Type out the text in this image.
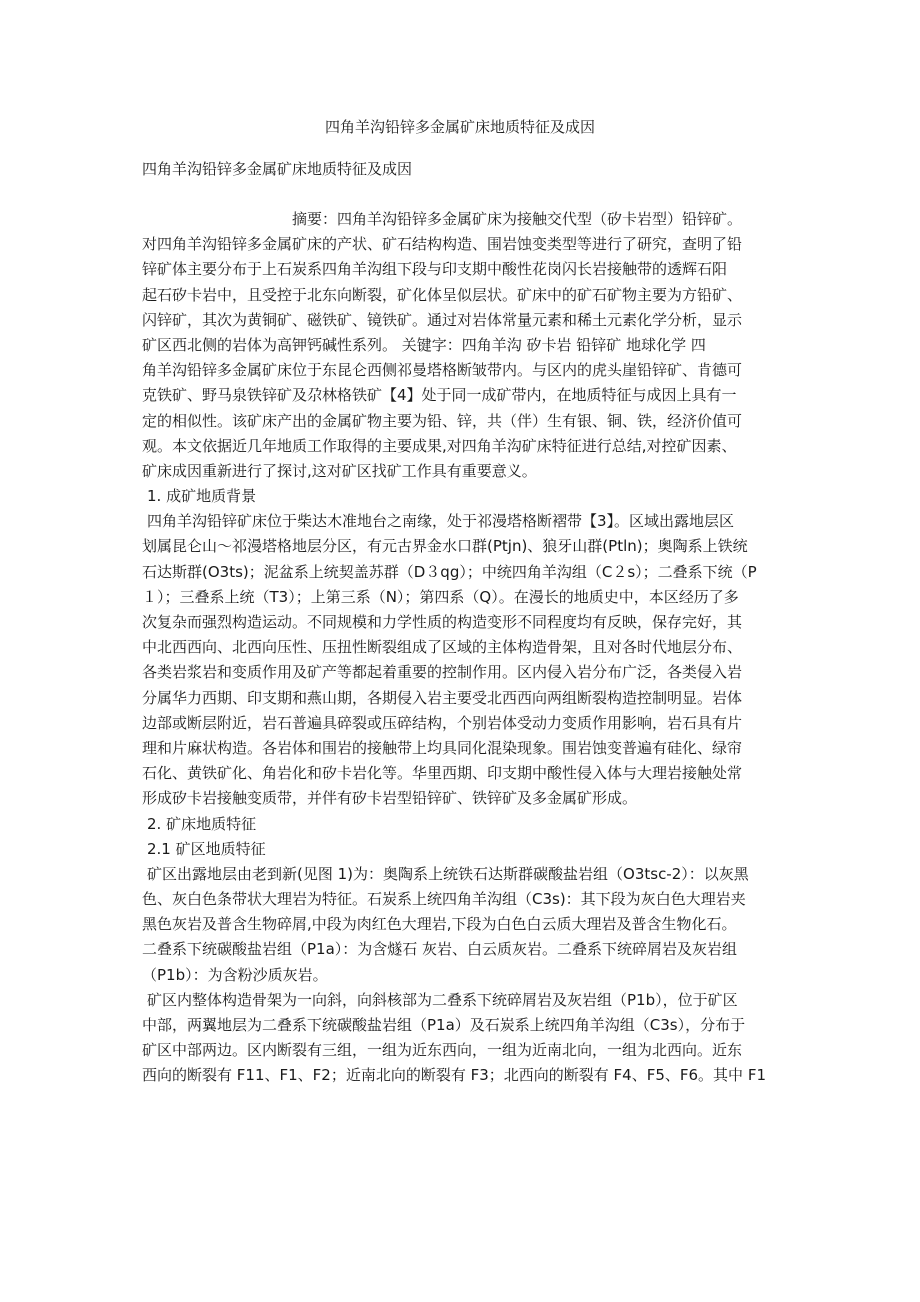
四角羊沟铅锌多金属矿床地质特征及成因
四角羊沟铅锌多金属矿床地质特征及成因
摘要：四角羊沟铅锌多金属矿床为接触交代型（矽卡岩型）铅锌矿。
对四角羊沟铅锌多金属矿床的产状、矿石结构构造、围岩蚀变类型等进行了研究，查明了铅
锌矿体主要分布于上石炭系四角羊沟组下段与印支期中酸性花岗闪长岩接触带的透辉石阳
起石矽卡岩中，且受控于北东向断裂，矿化体呈似层状。矿床中的矿石矿物主要为方铅矿、
闪锌矿，其次为黄铜矿、磁铁矿、镜铁矿。通过对岩体常量元素和稀土元素化学分析，显示
矿区西北侧的岩体为高钾钙碱性系列。 关键字：四角羊沟 矽卡岩 铅锌矿 地球化学 四
角羊沟铅锌多金属矿床位于东昆仑西侧祁曼塔格断皱带内。与区内的虎头崖铅锌矿、肯德可
克铁矿、野马泉铁锌矿及尕林格铁矿【4】处于同一成矿带内，在地质特征与成因上具有一
定的相似性。该矿床产出的金属矿物主要为铅、锌，共（伴）生有银、铜、铁，经济价值可
观。本文依据近几年地质工作取得的主要成果,对四角羊沟矿床特征进行总结,对控矿因素、
矿床成因重新进行了探讨,这对矿区找矿工作具有重要意义。
1. 成矿地质背景
四角羊沟铅锌矿床位于柴达木准地台之南缘，处于祁漫塔格断褶带【3】。区域出露地层区
划属昆仑山～祁漫塔格地层分区，有元古界金水口群(Ptjn)、狼牙山群(Ptln)；奥陶系上铁统
石达斯群(O3ts)；泥盆系上统契盖苏群（D３qg）；中统四角羊沟组（C２s）；二叠系下统（P
１）；三叠系上统（T3）；上第三系（N）；第四系（Q）。在漫长的地质史中，本区经历了多
次复杂而强烈构造运动。不同规模和力学性质的构造变形不同程度均有反映，保存完好，其
中北西西向、北西向压性、压扭性断裂组成了区域的主体构造骨架，且对各时代地层分布、
各类岩浆岩和变质作用及矿产等都起着重要的控制作用。区内侵入岩分布广泛，各类侵入岩
分属华力西期、印支期和燕山期，各期侵入岩主要受北西西向两组断裂构造控制明显。岩体
边部或断层附近，岩石普遍具碎裂或压碎结构，个别岩体受动力变质作用影响，岩石具有片
理和片麻状构造。各岩体和围岩的接触带上均具同化混染现象。围岩蚀变普遍有硅化、绿帘
石化、黄铁矿化、角岩化和矽卡岩化等。华里西期、印支期中酸性侵入体与大理岩接触处常
形成矽卡岩接触变质带，并伴有矽卡岩型铅锌矿、铁锌矿及多金属矿形成。
2. 矿床地质特征
2.1 矿区地质特征
矿区出露地层由老到新(见图 1)为：奥陶系上统铁石达斯群碳酸盐岩组（O3tsc-2）：以灰黑
色、灰白色条带状大理岩为特征。石炭系上统四角羊沟组（C3s)：其下段为灰白色大理岩夹
黑色灰岩及普含生物碎屑,中段为肉红色大理岩,下段为白色白云质大理岩及普含生物化石。
二叠系下统碳酸盐岩组（P1a）：为含燧石 灰岩、白云质灰岩。二叠系下统碎屑岩及灰岩组
（P1b）：为含粉沙质灰岩。
矿区内整体构造骨架为一向斜，向斜核部为二叠系下统碎屑岩及灰岩组（P1b），位于矿区
中部，两翼地层为二叠系下统碳酸盐岩组（P1a）及石炭系上统四角羊沟组（C3s），分布于
矿区中部两边。区内断裂有三组，一组为近东西向，一组为近南北向，一组为北西向。近东
西向的断裂有 F11、F1、F2；近南北向的断裂有 F3；北西向的断裂有 F4、F5、F6。其中 F1
